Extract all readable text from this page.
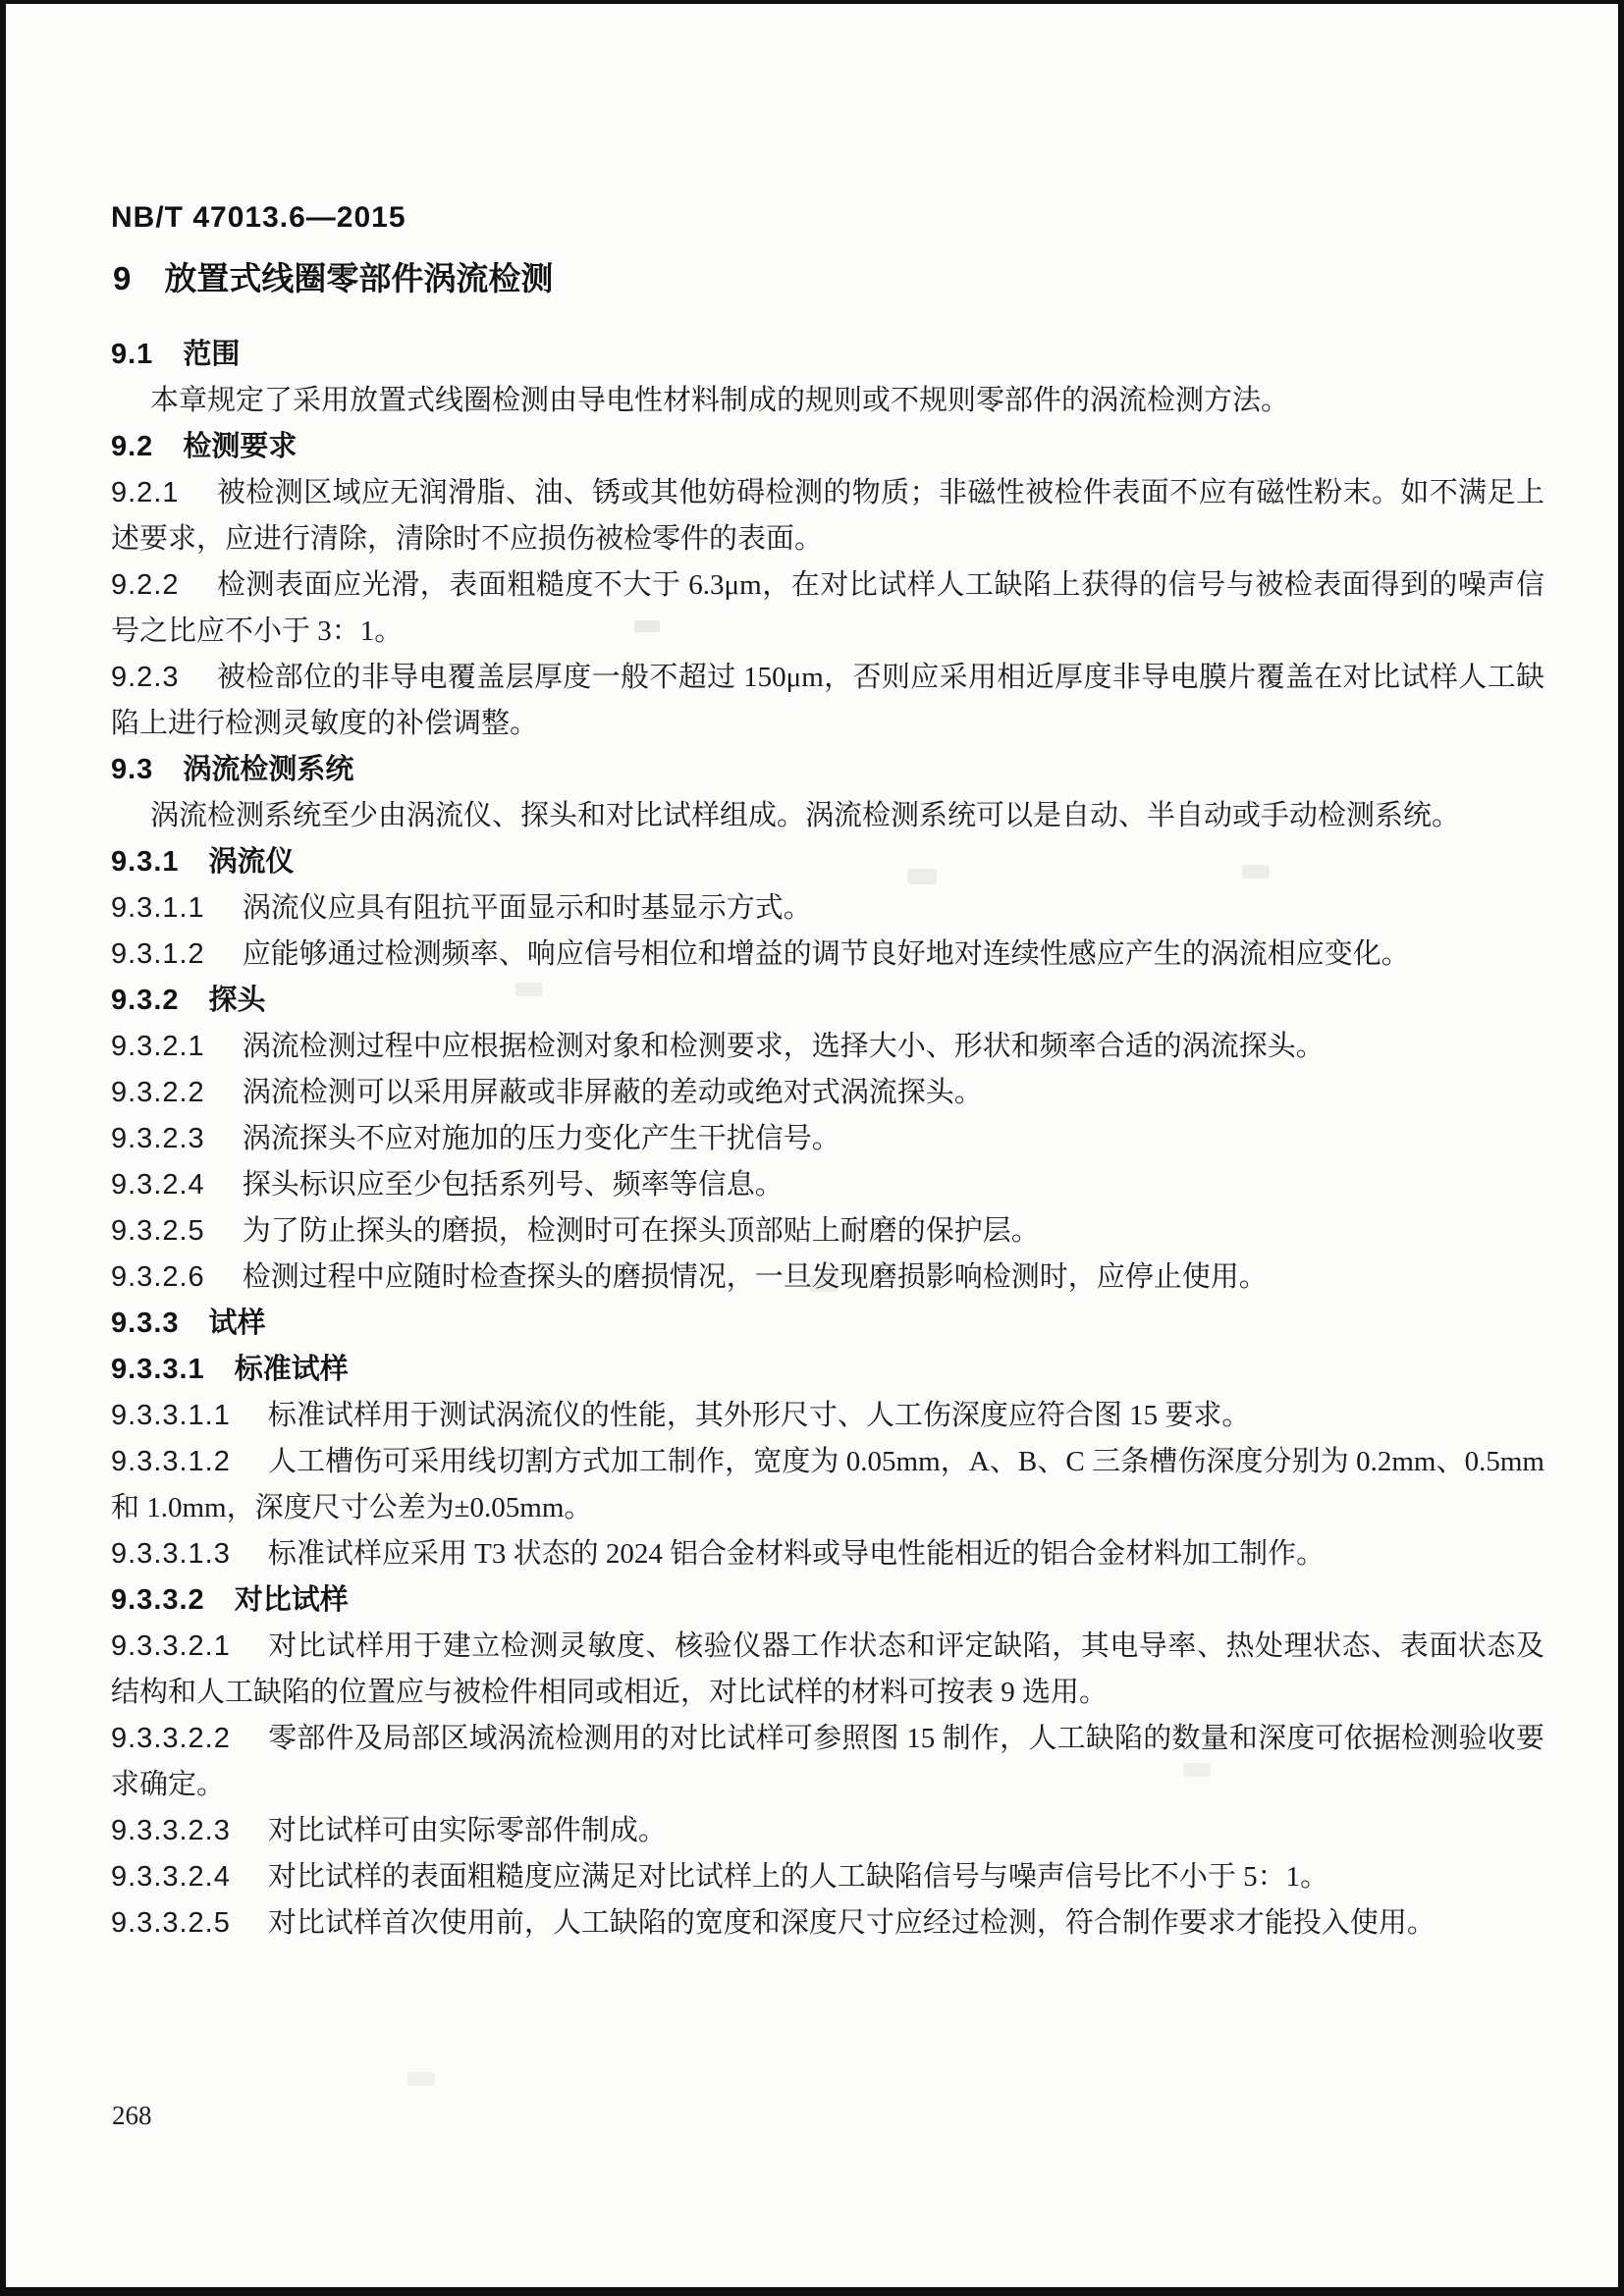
NB/T 47013.6—2015
9 放置式线圈零部件涡流检测

9.1 范围

本章规定了采用放置式线圈检测由导电性材料制成的规则或不规则零部件的涡流检测方法。

9.2 检测要求

9.2.1 被检测区域应无润滑脂、油、锈或其他妨碍检测的物质；非磁性被检件表面不应有磁性粉末。如不满足上述要求，应进行清除，清除时不应损伤被检零件的表面。

9.2.2 检测表面应光滑，表面粗糙度不大于 6.3μm，在对比试样人工缺陷上获得的信号与被检表面得到的噪声信号之比应不小于 3：1。

9.2.3 被检部位的非导电覆盖层厚度一般不超过 150μm，否则应采用相近厚度非导电膜片覆盖在对比试样人工缺陷上进行检测灵敏度的补偿调整。

9.3 涡流检测系统

涡流检测系统至少由涡流仪、探头和对比试样组成。涡流检测系统可以是自动、半自动或手动检测系统。

9.3.1 涡流仪

9.3.1.1 涡流仪应具有阻抗平面显示和时基显示方式。

9.3.1.2 应能够通过检测频率、响应信号相位和增益的调节良好地对连续性感应产生的涡流相应变化。

9.3.2 探头

9.3.2.1 涡流检测过程中应根据检测对象和检测要求，选择大小、形状和频率合适的涡流探头。

9.3.2.2 涡流检测可以采用屏蔽或非屏蔽的差动或绝对式涡流探头。

9.3.2.3 涡流探头不应对施加的压力变化产生干扰信号。

9.3.2.4 探头标识应至少包括系列号、频率等信息。

9.3.2.5 为了防止探头的磨损，检测时可在探头顶部贴上耐磨的保护层。

9.3.2.6 检测过程中应随时检查探头的磨损情况，一旦发现磨损影响检测时，应停止使用。

9.3.3 试样

9.3.3.1 标准试样

9.3.3.1.1 标准试样用于测试涡流仪的性能，其外形尺寸、人工伤深度应符合图 15 要求。

9.3.3.1.2 人工槽伤可采用线切割方式加工制作，宽度为 0.05mm，A、B、C 三条槽伤深度分别为 0.2mm、0.5mm 和 1.0mm，深度尺寸公差为±0.05mm。

9.3.3.1.3 标准试样应采用 T3 状态的 2024 铝合金材料或导电性能相近的铝合金材料加工制作。

9.3.3.2 对比试样

9.3.3.2.1 对比试样用于建立检测灵敏度、核验仪器工作状态和评定缺陷，其电导率、热处理状态、表面状态及结构和人工缺陷的位置应与被检件相同或相近，对比试样的材料可按表 9 选用。

9.3.3.2.2 零部件及局部区域涡流检测用的对比试样可参照图 15 制作，人工缺陷的数量和深度可依据检测验收要求确定。

9.3.3.2.3 对比试样可由实际零部件制成。

9.3.3.2.4 对比试样的表面粗糙度应满足对比试样上的人工缺陷信号与噪声信号比不小于 5：1。

9.3.3.2.5 对比试样首次使用前，人工缺陷的宽度和深度尺寸应经过检测，符合制作要求才能投入使用。

268
